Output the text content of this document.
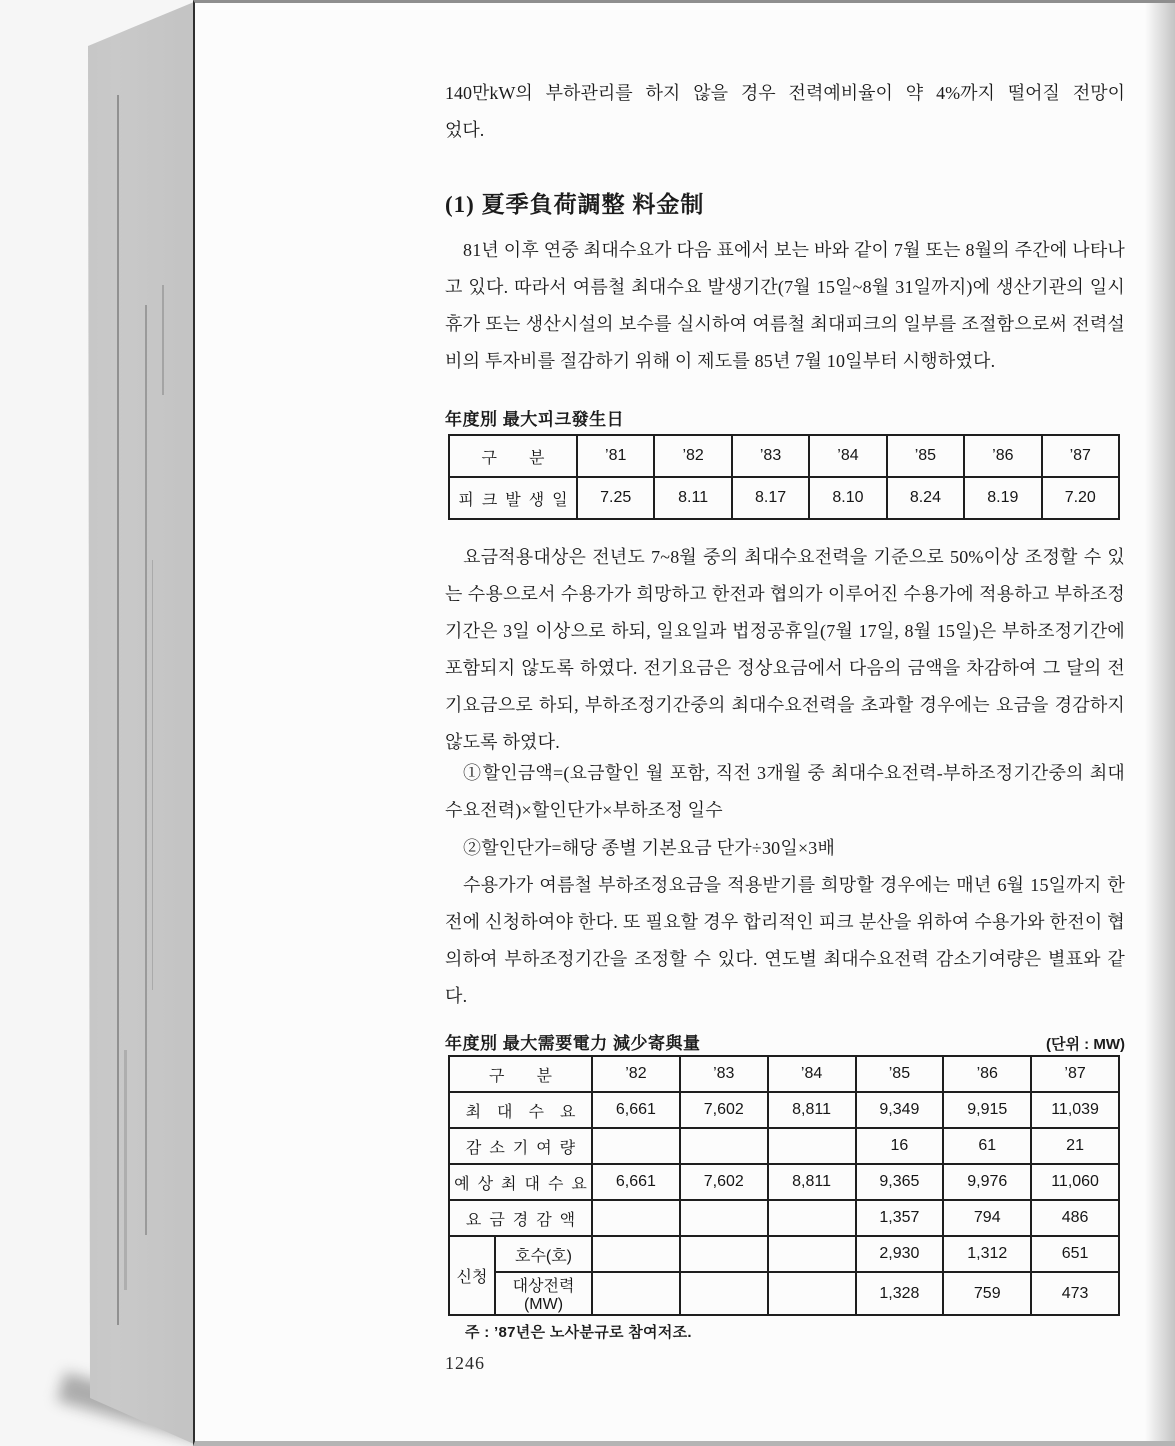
140만kW의 부하관리를 하지 않을 경우 전력예비율이 약 4%까지 떨어질 전망이
었다.
(1) 夏季負荷調整 料金制

81년 이후 연중 최대수요가 다음 표에서 보는 바와 같이 7월 또는 8월의 주간에 나타나고 있다. 따라서 여름철 최대수요 발생기간(7월 15일~8월 31일까지)에 생산기관의 일시휴가 또는 생산시설의 보수를 실시하여 여름철 최대피크의 일부를 조절함으로써 전력설비의 투자비를 절감하기 위해 이 제도를 85년 7월 10일부터 시행하였다.

年度別 最大피크發生日
구  분	’81	’82	’83	’84	’85	’86	’87
피 크 발 생 일	7.25	8.11	8.17	8.10	8.24	8.19	7.20

요금적용대상은 전년도 7~8월 중의 최대수요전력을 기준으로 50%이상 조정할 수 있는 수용으로서 수용가가 희망하고 한전과 협의가 이루어진 수용가에 적용하고 부하조정기간은 3일 이상으로 하되, 일요일과 법정공휴일(7월 17일, 8월 15일)은 부하조정기간에 포함되지 않도록 하였다. 전기요금은 정상요금에서 다음의 금액을 차감하여 그 달의 전기요금으로 하되, 부하조정기간중의 최대수요전력을 초과할 경우에는 요금을 경감하지 않도록 하였다.

①할인금액=(요금할인 월 포함, 직전 3개월 중 최대수요전력-부하조정기간중의 최대수요전력)×할인단가×부하조정 일수

②할인단가=해당 종별 기본요금 단가÷30일×3배

수용가가 여름철 부하조정요금을 적용받기를 희망할 경우에는 매년 6월 15일까지 한전에 신청하여야 한다. 또 필요할 경우 합리적인 피크 분산을 위하여 수용가와 한전이 협의하여 부하조정기간을 조정할 수 있다. 연도별 최대수요전력 감소기여량은 별표와 같다.

年度別 最大需要電力 減少寄與量	(단위 : MW)
구  분		’82	’83	’84	’85	’86	’87
최 대 수 요		6,661	7,602	8,811	9,349	9,915	11,039
감 소 기 여 량					16	61	21
예 상 최 대 수 요		6,661	7,602	8,811	9,365	9,976	11,060
요 금 경 감 액					1,357	794	486
신청	호수(호)				2,930	1,312	651
	대상전력(MW)				1,328	759	473
주 : ’87년은 노사분규로 참여저조.
1246
